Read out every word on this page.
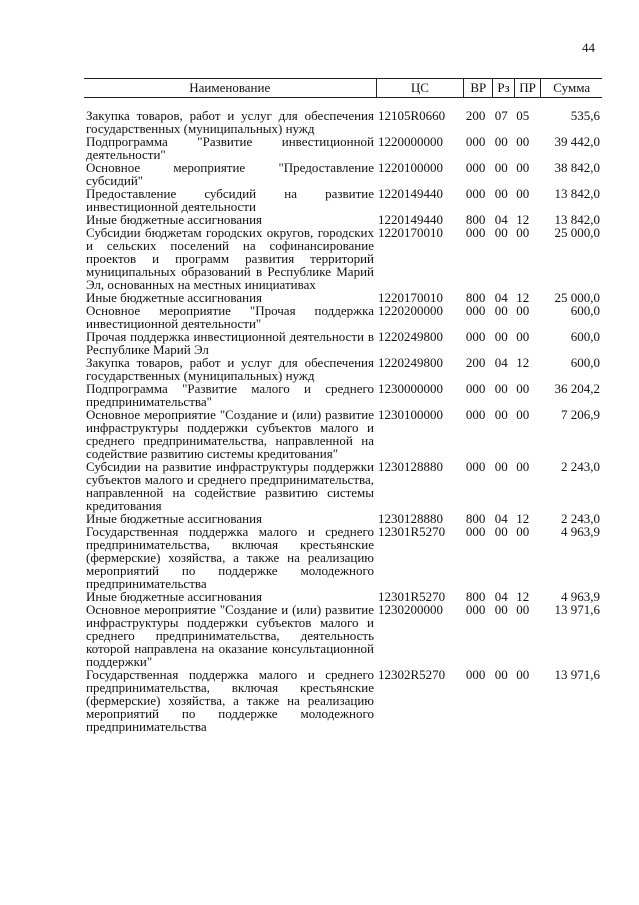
44
Наименование	ЦС	ВР	Рз	ПР	Сумма
Закупка товаров, работ и услуг для обеспечения государственных (муниципальных) нужд	12105R0660	200	07	05	535,6
Подпрограмма "Развитие инвестиционной деятельности"	1220000000	000	00	00	39 442,0
Основное мероприятие "Предоставление субсидий"	1220100000	000	00	00	38 842,0
Предоставление субсидий на развитие инвестиционной деятельности	1220149440	000	00	00	13 842,0
Иные бюджетные ассигнования	1220149440	800	04	12	13 842,0
Субсидии бюджетам городских округов, городских и сельских поселений на софинансирование проектов и программ развития территорий муниципальных образований в Республике Марий Эл, основанных на местных инициативах	1220170010	000	00	00	25 000,0
Иные бюджетные ассигнования	1220170010	800	04	12	25 000,0
Основное мероприятие "Прочая поддержка инвестиционной деятельности"	1220200000	000	00	00	600,0
Прочая поддержка инвестиционной деятельности в Республике Марий Эл	1220249800	000	00	00	600,0
Закупка товаров, работ и услуг для обеспечения государственных (муниципальных) нужд	1220249800	200	04	12	600,0
Подпрограмма "Развитие малого и среднего предпринимательства"	1230000000	000	00	00	36 204,2
Основное мероприятие "Создание и (или) развитие инфраструктуры поддержки субъектов малого и среднего предпринимательства, направленной на содействие развитию системы кредитования"	1230100000	000	00	00	7 206,9
Субсидии на развитие инфраструктуры поддержки субъектов малого и среднего предпринимательства, направленной на содействие развитию системы кредитования	1230128880	000	00	00	2 243,0
Иные бюджетные ассигнования	1230128880	800	04	12	2 243,0
Государственная поддержка малого и среднего предпринимательства, включая крестьянские (фермерские) хозяйства, а также на реализацию мероприятий по поддержке молодежного предпринимательства	12301R5270	000	00	00	4 963,9
Иные бюджетные ассигнования	12301R5270	800	04	12	4 963,9
Основное мероприятие "Создание и (или) развитие инфраструктуры поддержки субъектов малого и среднего предпринимательства, деятельность которой направлена на оказание консультационной поддержки"	1230200000	000	00	00	13 971,6
Государственная поддержка малого и среднего предпринимательства, включая крестьянские (фермерские) хозяйства, а также на реализацию мероприятий по поддержке молодежного предпринимательства	12302R5270	000	00	00	13 971,6
